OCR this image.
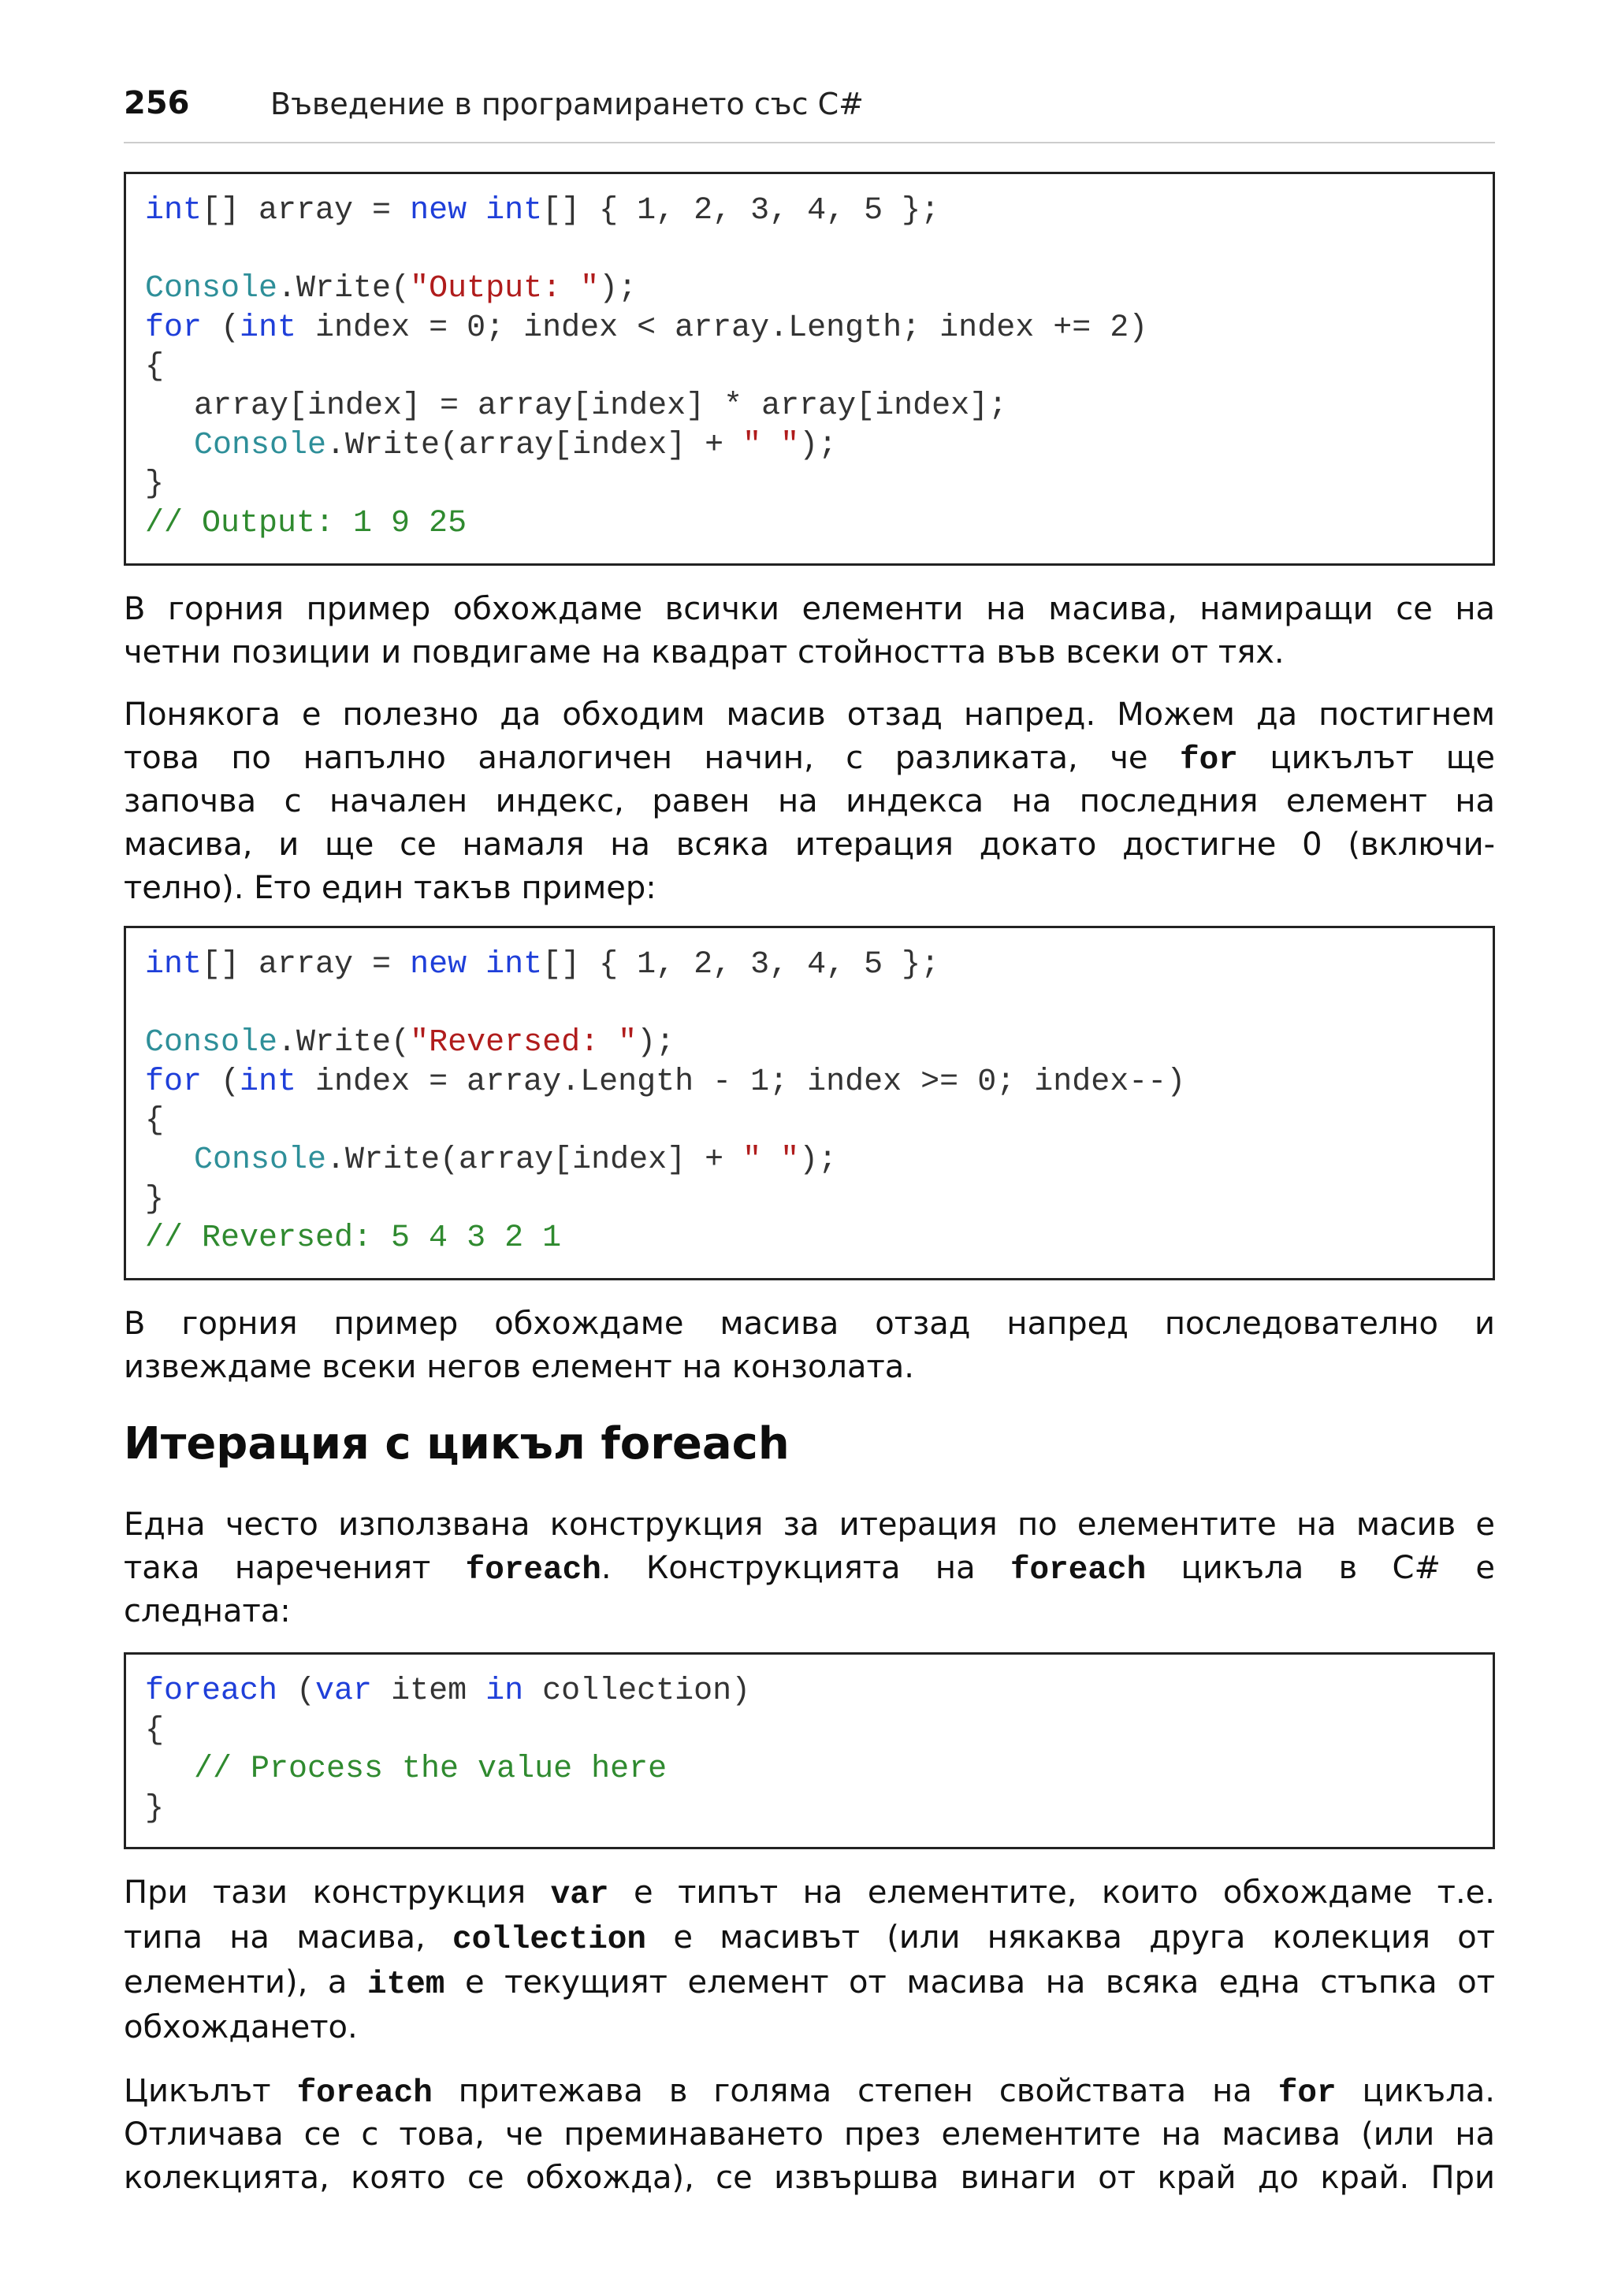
256	Въведение в програмирането със C#
int[] array = new int[] { 1, 2, 3, 4, 5 };
Console.Write("Output: ");
for (int index = 0; index < array.Length; index += 2)
{
array[index] = array[index] * array[index];
Console.Write(array[index] + " ");
}
// Output: 1 9 25

В горния пример обхождаме всички елементи на масива, намиращи се на

четни позиции и повдигаме на квадрат стойността във всеки от тях.

Понякога е полезно да обходим масив отзад напред. Можем да постигнем

това по напълно аналогичен начин, с разликата, че for цикълът ще

започва с начален индекс, равен на индекса на последния елемент на

масива, и ще се намаля на всяка итерация докато достигне 0 (включи-

телно). Ето един такъв пример:

int[] array = new int[] { 1, 2, 3, 4, 5 };
Console.Write("Reversed: ");
for (int index = array.Length - 1; index >= 0; index--)
{
Console.Write(array[index] + " ");
}
// Reversed: 5 4 3 2 1

В горния пример обхождаме масива отзад напред последователно и

извеждаме всеки негов елемент на конзолата.

Итерация с цикъл foreach

Една често използвана конструкция за итерация по елементите на масив е

така наречeният foreach. Конструкцията на foreach цикъла в C# е

следната:

foreach (var item in collection)
{
// Process the value here
}

При тази конструкция var е типът на елементите, които обхождаме т.е.

типа на масива, collection е масивът (или някаква друга колекция от

елементи), а item е текущият елемент от масива на всяка една стъпка от

обхождането.

Цикълът foreach притежава в голяма степен свойствата на for цикъла.

Отличава се с това, че преминаването през елементите на масива (или на

колекцията, която се обхожда), се извършва винаги от край до край. При
